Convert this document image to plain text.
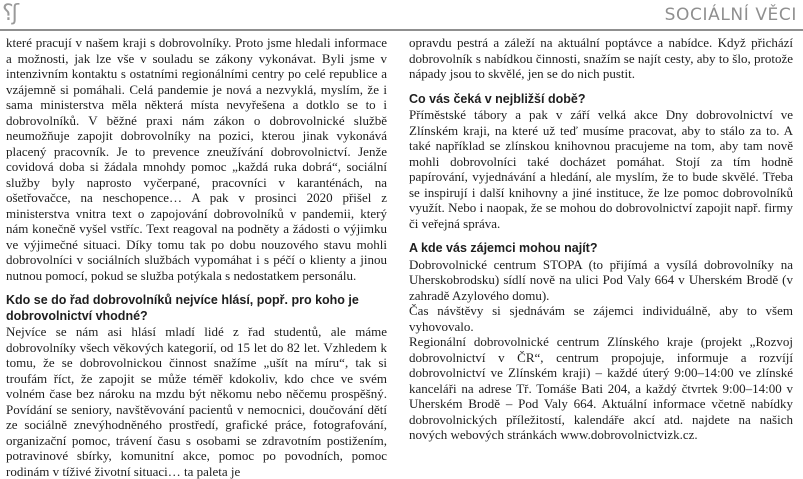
⸮ʃ	SOCIÁLNÍ VĚCI

které pracují v našem kraji s dobrovolníky. Proto jsme hledali informace a možnosti, jak lze vše v souladu se zákony vykonávat. Byli jsme v intenzivním kontaktu s ostatními regionálními centry po celé republice a vzájemně si pomáhali. Celá pandemie je nová a nezvyklá, myslím, že i sama ministerstva měla některá místa nevyřešena a dotklo se to i dobrovolníků. V běžné praxi nám zákon o dobrovolnické službě neumožňuje zapojit dobrovolníky na pozici, kterou jinak vykonává placený pracovník. Je to prevence zneužívání dobrovolnictví. Jenže covidová doba si žádala mnohdy pomoc „každá ruka dobrá“, sociální služby byly naprosto vyčerpané, pracovníci v karanténách, na ošetřovačce, na neschopence… A pak v prosinci 2020 přišel z ministerstva vnitra text o zapojování dobrovolníků v pandemii, který nám konečně vyšel vstříc. Text reagoval na podněty a žádosti o výjimku ve výjimečné situaci. Díky tomu tak po dobu nouzového stavu mohli dobrovolníci v sociálních službách vypomáhat i s péčí o klienty a jinou nutnou pomocí, pokud se služba potýkala s nedostatkem personálu.

Kdo se do řad dobrovolníků nejvíce hlásí, popř. pro koho je dobrovolnictví vhodné?

Nejvíce se nám asi hlásí mladí lidé z řad studentů, ale máme dobrovolníky všech věkových kategorií, od 15 let do 82 let. Vzhledem k tomu, že se dobrovolnickou činnost snažíme „ušít na míru“, tak si troufám říct, že zapojit se může téměř kdokoliv, kdo chce ve svém volném čase bez nároku na mzdu být někomu nebo něčemu prospěšný. Povídání se seniory, navštěvování pacientů v nemocnici, doučování dětí ze sociálně znevýhodněného prostředí, grafické práce, fotografování, organizační pomoc, trávení času s osobami se zdravotním postižením, potravinové sbírky, komunitní akce, pomoc po povodních, pomoc rodinám v tíživé životní situaci… ta paleta je

opravdu pestrá a záleží na aktuální poptávce a nabídce. Když přichází dobrovolník s nabídkou činnosti, snažím se najít cesty, aby to šlo, protože nápady jsou to skvělé, jen se do nich pustit.

Co vás čeká v nejbližší době?

Příměstské tábory a pak v září velká akce Dny dobrovolnictví ve Zlínském kraji, na které už teď musíme pracovat, aby to stálo za to. A také například se zlínskou knihovnou pracujeme na tom, aby tam nově mohli dobrovolníci také docházet pomáhat. Stojí za tím hodně papírování, vyjednávání a hledání, ale myslím, že to bude skvělé. Třeba se inspirují i další knihovny a jiné instituce, že lze pomoc dobrovolníků využít. Nebo i naopak, že se mohou do dobrovolnictví zapojit např. firmy či veřejná správa.

A kde vás zájemci mohou najít?

Dobrovolnické centrum STOPA (to přijímá a vysílá dobrovolníky na Uherskobrodsku) sídlí nově na ulici Pod Valy 664 v Uherském Brodě (v zahradě Azylového domu).

Čas návštěvy si sjednávám se zájemci individuálně, aby to všem vyhovovalo.

Regionální dobrovolnické centrum Zlínského kraje (projekt „Rozvoj dobrovolnictví v ČR“, centrum propojuje, informuje a rozvíjí dobrovolnictví ve Zlínském kraji) – každé úterý 9:00–14:00 ve zlínské kanceláři na adrese Tř. Tomáše Bati 204, a každý čtvrtek 9:00–14:00 v Uherském Brodě – Pod Valy 664. Aktuální informace včetně nabídky dobrovolnických příležitostí, kalendáře akcí atd. najdete na našich nových webových stránkách www.dobrovolnictvizk.cz.
